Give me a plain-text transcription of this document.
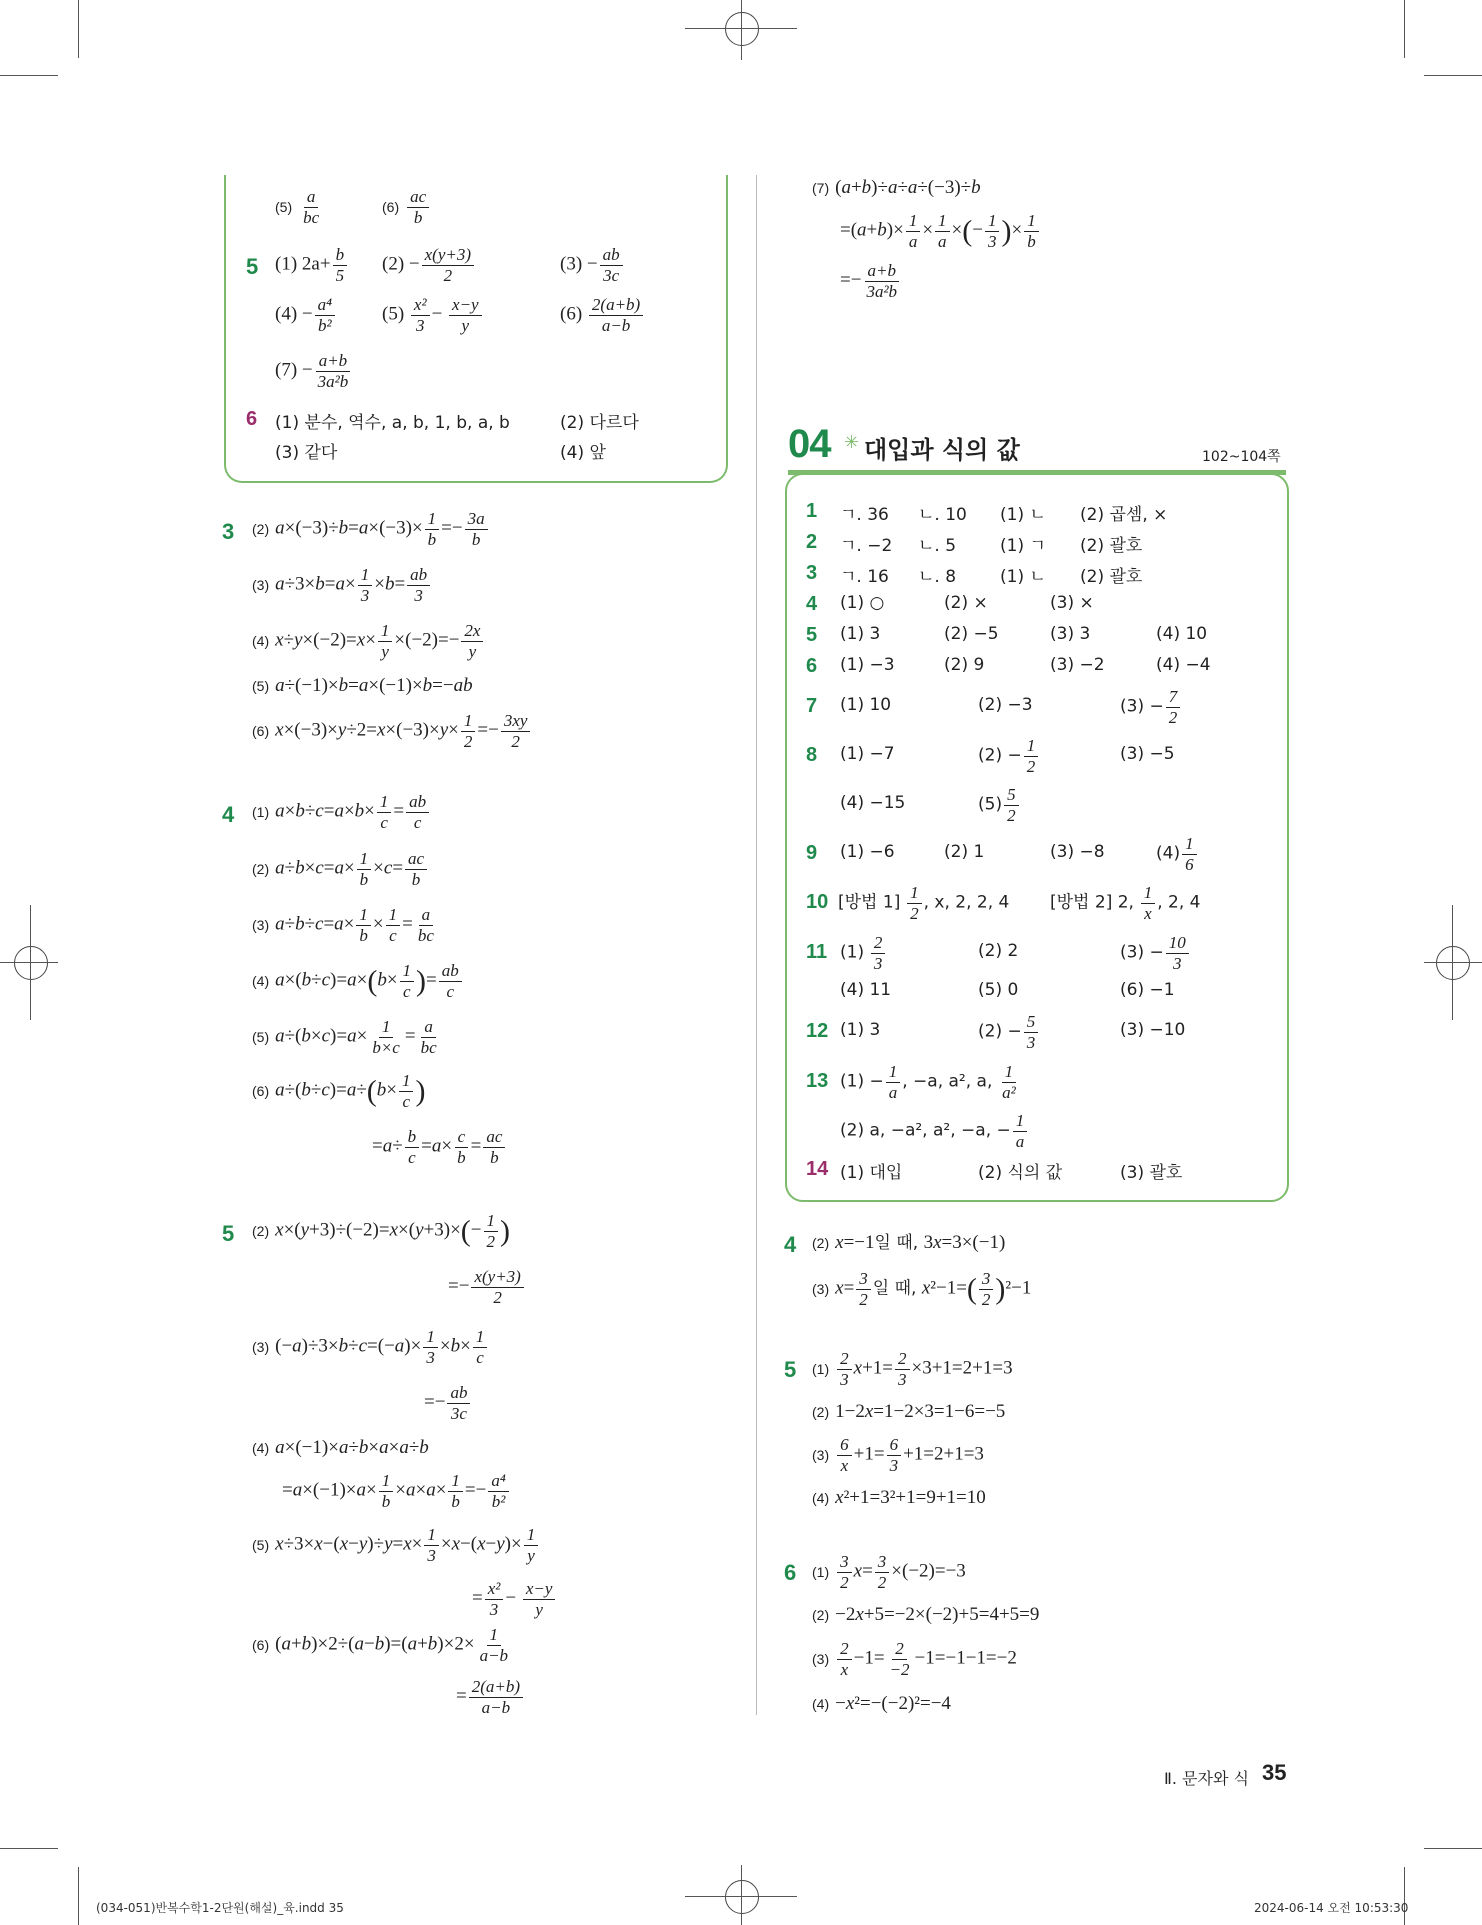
$(5) \frac{a}{bc}$	$(6) \frac{ac}{b}$
5 (1) $2a+ \frac{b}{5} (2) - \frac{x(y+3)}{2}$	$(3) - \frac{ab}{3c}$
$(4) - \frac{\text{a⁴}}{\text{b²}} (5) \frac{\text{x²}}{3} - \frac{x-y}{y}$	$(6) \frac{2(a+b)}{a-b}$
$(7) - \frac{a+b}{\text{3a²b}}$
6 (1) 분수, 역수, a, b, 1, b, a, b	(2) 다르다
(3) 같다	(4) 앞
3 (2) $a\times(-3)\div b=a\times(-3)\times \frac{1}{b} =- \frac{3a}{b}$
(3) $a\div 3\times b=a\times \frac{1}{3} \times b= \frac{ab}{3}$
(4) $x\div y\times(-2)=x\times \frac{1}{y} \times(-2)=- \frac{2x}{y}$
(5) a÷(−1)×b=a×(−1)×b=−ab
(6) $x\times(-3)\times y\div 2=x\times(-3)\times y\times \frac{1}{2} =- \frac{3xy}{2}$
4 (1) $a\times b\div c=a\times b\times \frac{1}{c} = \frac{ab}{c}$
(2) $a\div b\times c=a\times \frac{1}{b} \times c= \frac{ac}{b}$
(3) $a\div b\div c=a\times \frac{1}{b} \times \frac{1}{c} = \frac{a}{bc}$
(4) $a\times(b\div c)=a\times(b\times \frac{1}{c}$ )= $\frac{ab}{c}$
(5) $a\div(b\times c)=a\times \frac{1}{b\times c} = \frac{a}{bc}$
(6) $a\div(b\div c)=a\div(b\times \frac{1}{c}$ )
$=a\div \frac{b}{c} =a\times \frac{c}{b} = \frac{ac}{b}$
5 (2) $x\times(y+3)\div(-2)=x\times(y+3)\times(- \frac{1}{2}$ )
=− $\frac{x(y+3)}{2}$
(3) $(-a)\div 3\times b\div c=(-a)\times \frac{1}{3} \times b\times \frac{1}{c}$
=− $\frac{ab}{3c}$
(4) a×(−1)×a÷b×a×a÷b
$=a\times(-1)\times a\times \frac{1}{b} \times a\times a\times \frac{1}{b} =- \frac{\text{a⁴}}{\text{b²}}$
(5) $x\div 3\times x-(x-y)\div y=x\times \frac{1}{3} \times x-(x-y)\times \frac{1}{y}$
= $\frac{\text{x²}}{3} - \frac{x-y}{y}$
(6) $(a+b)\times 2\div(a-b)=(a+b)\times 2\times \frac{1}{a-b}$
= $\frac{2(a+b)}{a-b}$
(7) (a+b)÷a÷a÷(−3)÷b
$=(a+b)\times \frac{1}{a} \times \frac{1}{a}$ ×(− $\frac{1}{3}$ )× $\frac{1}{b}$
=− $\frac{a+b}{\text{3a²b}}$
04 ✳ 대입과 식의 값	102~104쪽
1 ㄱ. 36 ㄴ. 10 (1) ㄴ (2) 곱셈, ×
2 ㄱ. −2 ㄴ. 5	(1) ㄱ (2) 괄호
3 ㄱ. 16 ㄴ. 8	(1) ㄴ (2) 괄호
4 (1) ○	(2) ×	(3) ×
5 (1) 3	(2) −5	(3) 3	(4) 10
6 (1) −3	(2) 9	(3) −2	(4) −4
7 (1) 10	(2) −3	$(3) - \frac{7}{2}$
8 (1) −7	$(2) - \frac{1}{2}$	(3) −5
(4) −15	$(5) \frac{5}{2}$
9 (1) −6	(2) 1	(3) −8	$(4) \frac{1}{6}$
10 [방법 $1] \frac{1}{2}$ , x, 2, 2, 4 [방법 2] 2, $\frac{1}{x}$ , 2, 4
11 $(1) \frac{2}{3}$	(2) 2	$(3) - \frac{10}{3}$
(4) 11	(5) 0	(6) −1
12 (1) 3	$(2) - \frac{5}{3}$	(3) −10
13 $(1) - \frac{1}{a}$ , −a, a², a, $\frac{1}{\text{a²}}$
(2) a, −a², a², −a, − $\frac{1}{a}$
14 (1) 대입	(2) 식의 값	(3) 괄호
4 (2) x=−1일 때, 3x=3×(−1)
(3) $x= \frac{3}{2}$ 일 때, $x^2-1=( \frac{3}{2} )^2-1$
5 $(1) \frac{2}{3} x+1= \frac{2}{3} \times 3+1=2+1=3$
(2) 1−2x=1−2×3=1−6=−5
$(3) \frac{6}{x} +1= \frac{6}{3} +1=2+1=3$
(4) x²+1=3²+1=9+1=10
6 $(1) \frac{3}{2} x= \frac{3}{2} \times(-2)=-3$
(2) −2x+5=−2×(−2)+5=4+5=9
$(3) \frac{2}{x} -1= \frac{2}{-2} -1=-1-1=-2$
(4) −x²=−(−2)²=−4
Ⅱ. 문자와 식 35
(034-051)반복수학1-2단원(해설)_육.indd 35	2024-06-14 오전 10:53:30
